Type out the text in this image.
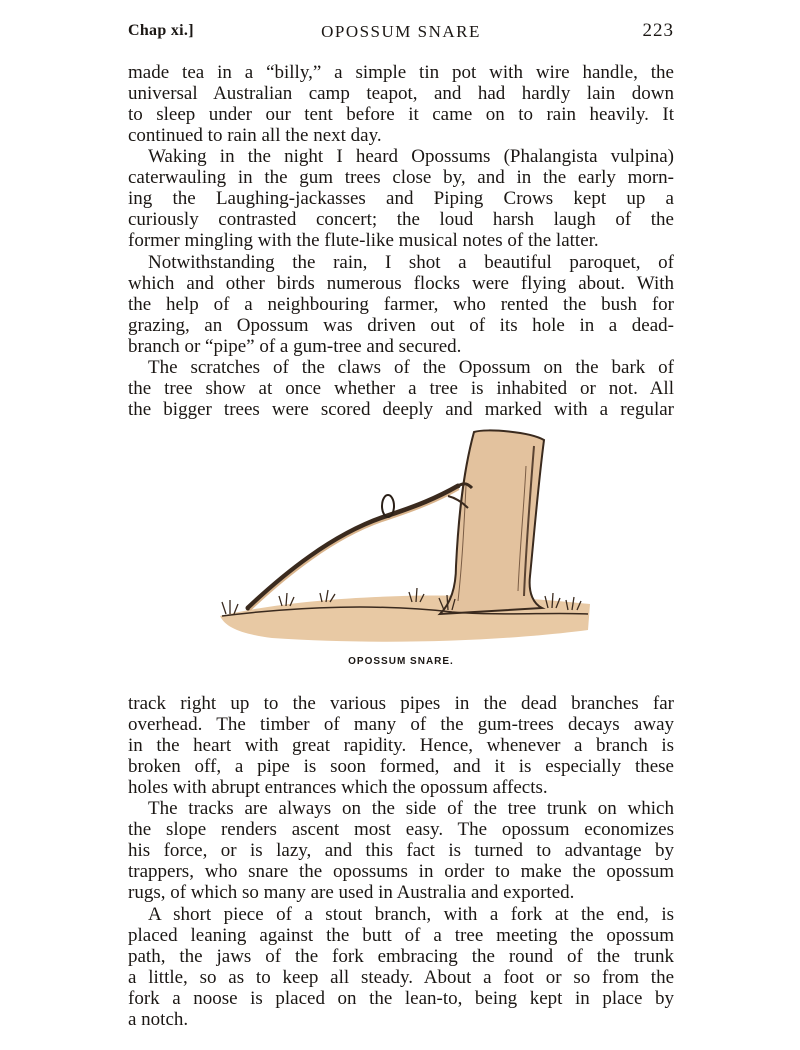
Chap xi.]	OPOSSUM SNARE	223
made tea in a “billy,” a simple tin pot with wire handle, the
universal Australian camp teapot, and had hardly lain down
to sleep under our tent before it came on to rain heavily. It
continued to rain all the next day.
Waking in the night I heard Opossums (Phalangista vulpina)
caterwauling in the gum trees close by, and in the early morn-
ing the Laughing-jackasses and Piping Crows kept up a
curiously contrasted concert; the loud harsh laugh of the
former mingling with the flute-like musical notes of the latter.
Notwithstanding the rain, I shot a beautiful paroquet, of
which and other birds numerous flocks were flying about. With
the help of a neighbouring farmer, who rented the bush for
grazing, an Opossum was driven out of its hole in a dead-
branch or “pipe” of a gum-tree and secured.
The scratches of the claws of the Opossum on the bark of
the tree show at once whether a tree is inhabited or not. All
the bigger trees were scored deeply and marked with a regular
OPOSSUM SNARE.
track right up to the various pipes in the dead branches far
overhead. The timber of many of the gum-trees decays away
in the heart with great rapidity. Hence, whenever a branch is
broken off, a pipe is soon formed, and it is especially these
holes with abrupt entrances which the opossum affects.
The tracks are always on the side of the tree trunk on which
the slope renders ascent most easy. The opossum economizes
his force, or is lazy, and this fact is turned to advantage by
trappers, who snare the opossums in order to make the opossum
rugs, of which so many are used in Australia and exported.
A short piece of a stout branch, with a fork at the end, is
placed leaning against the butt of a tree meeting the opossum
path, the jaws of the fork embracing the round of the trunk
a little, so as to keep all steady. About a foot or so from the
fork a noose is placed on the lean-to, being kept in place by
a notch.
